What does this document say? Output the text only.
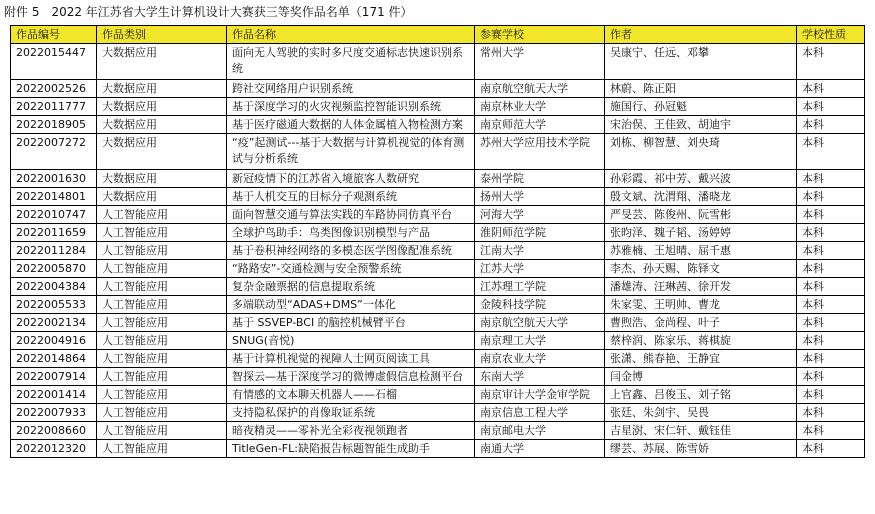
附件 5　2022 年江苏省大学生计算机设计大赛获三等奖作品名单（171 件）
作品编号	作品类别	作品名称	参赛学校	作者	学校性质
2022015447	大数据应用	面向无人驾驶的实时多尺度交通标志快速识别系统	常州大学	吴康宁、任远、邓攀	本科
2022002526	大数据应用	跨社交网络用户识别系统	南京航空航天大学	林蔚、陈正阳	本科
2022011777	大数据应用	基于深度学习的火灾视频监控智能识别系统	南京林业大学	施国行、孙冠魁	本科
2022018905	大数据应用	基于医疗磁通大数据的人体金属植入物检测方案	南京师范大学	宋治俣、王佳致、胡迪宇	本科
2022007272	大数据应用	“疫”起测试---基于大数据与计算机视觉的体育测试与分析系统	苏州大学应用技术学院	刘栋、柳智慧、刘央琦	本科
2022001630	大数据应用	新冠疫情下的江苏省入境旅客人数研究	泰州学院	孙彩霞、祁中芳、戴兴波	本科
2022014801	大数据应用	基于人机交互的目标分子观测系统	扬州大学	殷文斌、沈渭翔、潘晓龙	本科
2022010747	人工智能应用	面向智慧交通与算法实践的车路协同仿真平台	河海大学	严旻芸、陈俊州、阮雪彬	本科
2022011659	人工智能应用	全球护鸟助手：鸟类图像识别模型与产品	淮阴师范学院	张昀泽、魏子韬、汤婷婷	本科
2022011284	人工智能应用	基于卷积神经网络的多模态医学图像配准系统	江南大学	苏雅楠、王旭晴、屈千惠	本科
2022005870	人工智能应用	“路路安”-交通检测与安全预警系统	江苏大学	李杰、孙天赐、陈铎文	本科
2022004384	人工智能应用	复杂金融票据的信息提取系统	江苏理工学院	潘雄涛、汪琳茜、徐开发	本科
2022005533	人工智能应用	多端联动型“ADAS+DMS”一体化	金陵科技学院	朱家雯、王明帅、曹龙	本科
2022002134	人工智能应用	基于 SSVEP-BCI 的脑控机械臂平台	南京航空航天大学	曹煦浩、金尚程、叶子	本科
2022004916	人工智能应用	SNUG(音悦)	南京理工大学	蔡梓润、陈家乐、蒋棋旋	本科
2022014864	人工智能应用	基于计算机视觉的视障人士网页阅读工具	南京农业大学	张潇、熊春艳、王静宜	本科
2022007914	人工智能应用	智探云—基于深度学习的微博虚假信息检测平台	东南大学	闫金博	本科
2022001414	人工智能应用	有情感的文本聊天机器人——石榴	南京审计大学金审学院	上官鑫、吕俊玉、刘子铭	本科
2022007933	人工智能应用	支持隐私保护的肖像取证系统	南京信息工程大学	张廷、朱剑宇、吴畏	本科
2022008660	人工智能应用	暗夜精灵——零补光全彩夜视领跑者	南京邮电大学	吉星澍、宋仁轩、戴钰佳	本科
2022012320	人工智能应用	TitleGen-FL:缺陷报告标题智能生成助手	南通大学	缪芸、苏展、陈雪娇	本科
